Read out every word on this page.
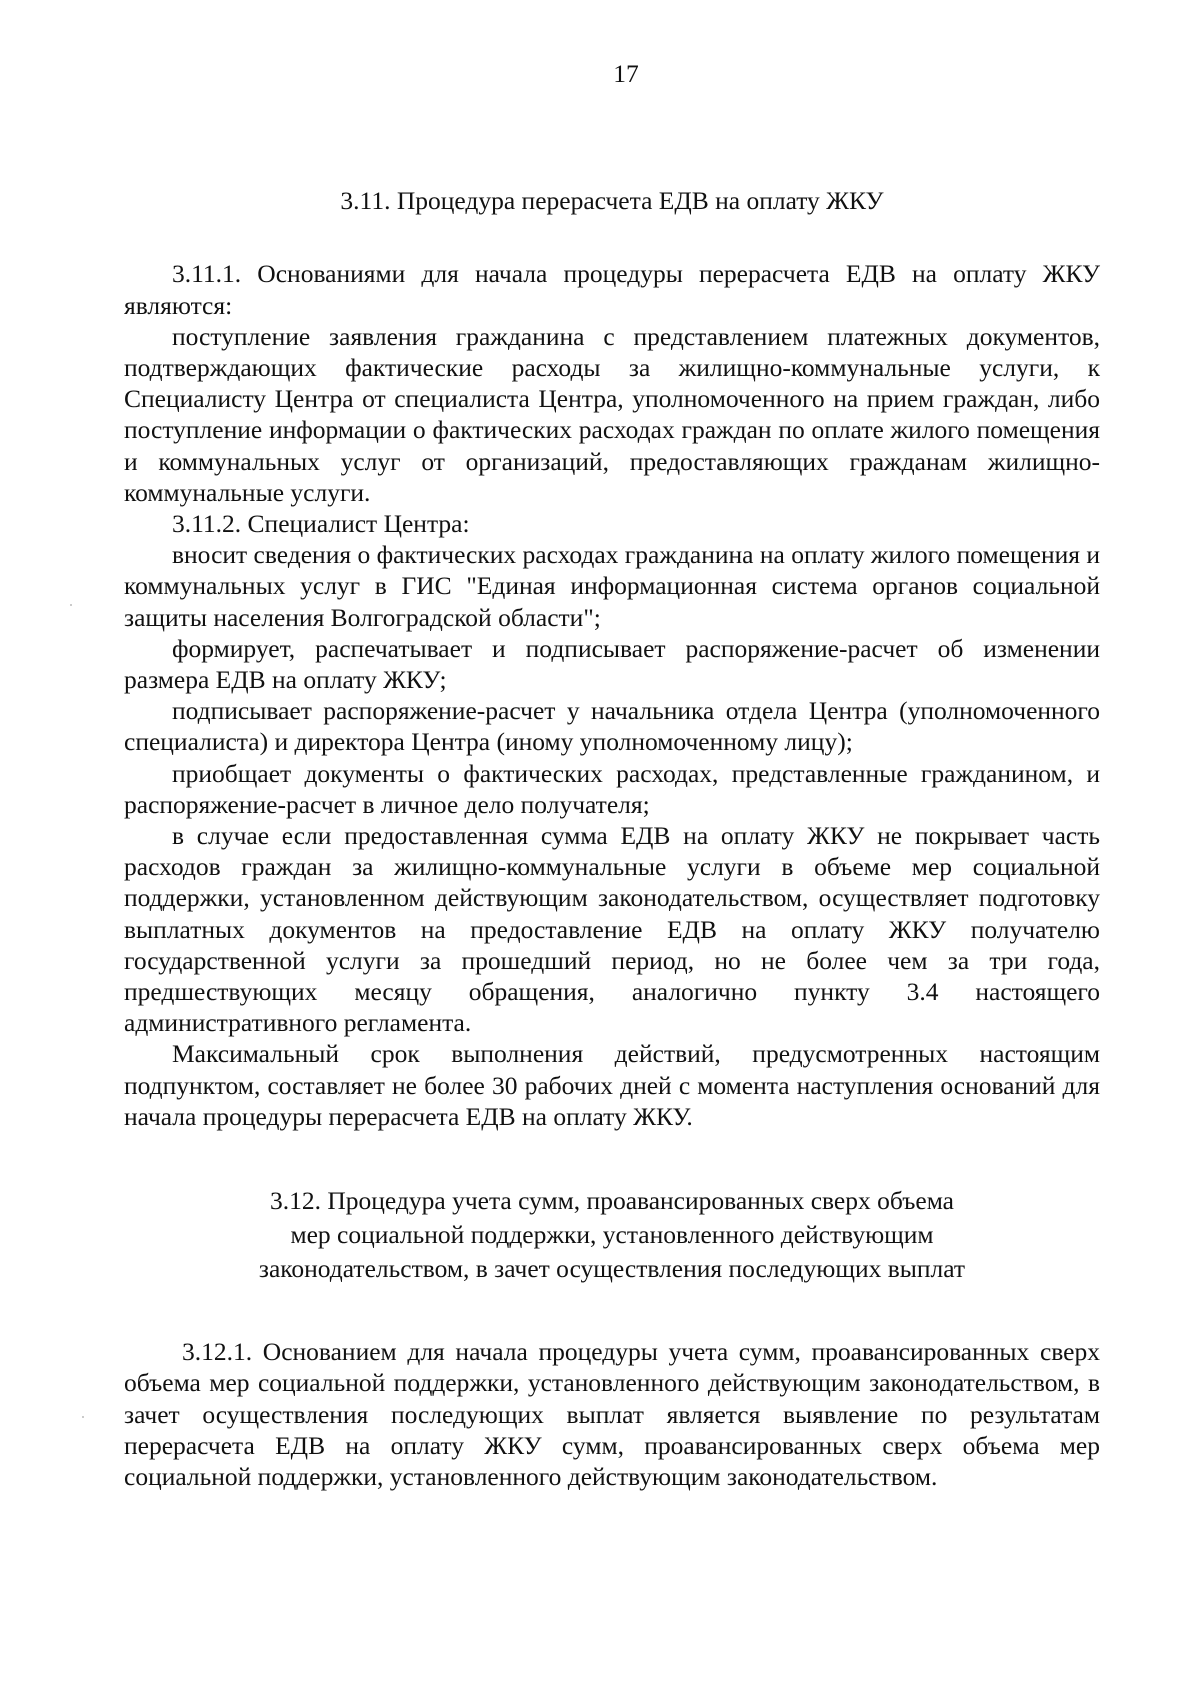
17

3.11. Процедура перерасчета ЕДВ на оплату ЖКУ

3.11.1. Основаниями для начала процедуры перерасчета ЕДВ на оплату ЖКУ являются:

поступление заявления гражданина с представлением платежных документов, подтверждающих фактические расходы за жилищно-коммунальные услуги, к Специалисту Центра от специалиста Центра, уполномоченного на прием граждан, либо поступление информации о фактических расходах граждан по оплате жилого помещения и коммунальных услуг от организаций, предоставляющих гражданам жилищно-коммунальные услуги.

3.11.2. Специалист Центра:

вносит сведения о фактических расходах гражданина на оплату жилого помещения и коммунальных услуг в ГИС "Единая информационная система органов социальной защиты населения Волгоградской области";

формирует, распечатывает и подписывает распоряжение-расчет об изменении размера ЕДВ на оплату ЖКУ;

подписывает распоряжение-расчет у начальника отдела Центра (уполномоченного специалиста) и директора Центра (иному уполномоченному лицу);

приобщает документы о фактических расходах, представленные гражданином, и распоряжение-расчет в личное дело получателя;

в случае если предоставленная сумма ЕДВ на оплату ЖКУ не покрывает часть расходов граждан за жилищно-коммунальные услуги в объеме мер социальной поддержки, установленном действующим законодательством, осуществляет подготовку выплатных документов на предоставление ЕДВ на оплату ЖКУ получателю государственной услуги за прошедший период, но не более чем за три года, предшествующих месяцу обращения, аналогично пункту 3.4 настоящего административного регламента.

Максимальный срок выполнения действий, предусмотренных настоящим подпунктом, составляет не более 30 рабочих дней с момента наступления оснований для начала процедуры перерасчета ЕДВ на оплату ЖКУ.

3.12. Процедура учета сумм, проавансированных сверх объема
мер социальной поддержки, установленного действующим
законодательством, в зачет осуществления последующих выплат

3.12.1. Основанием для начала процедуры учета сумм, проавансированных сверх объема мер социальной поддержки, установленного действующим законодательством, в зачет осуществления последующих выплат является выявление по результатам перерасчета ЕДВ на оплату ЖКУ сумм, проавансированных сверх объема мер социальной поддержки, установленного действующим законодательством.
